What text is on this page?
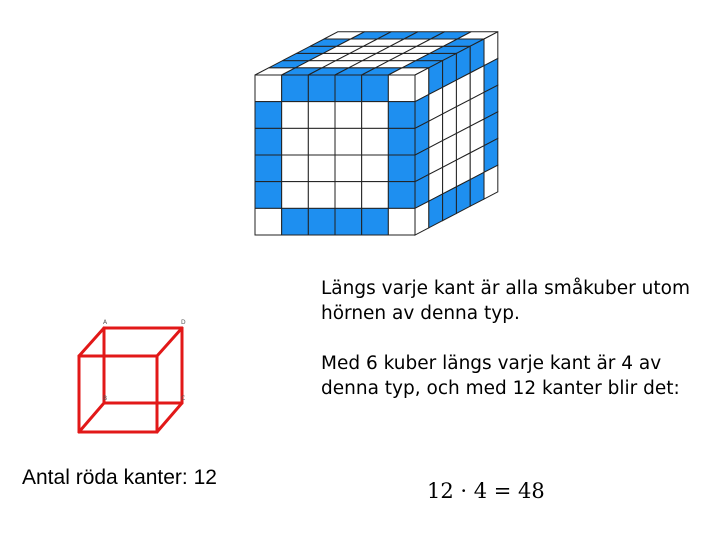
A	D
B	C
Antal röda kanter: 12

Längs varje kant är alla småkuber utom hörnen av denna typ.

Med 6 kuber längs varje kant är 4 av denna typ, och med 12 kanter blir det:

12 · 4 = 48
